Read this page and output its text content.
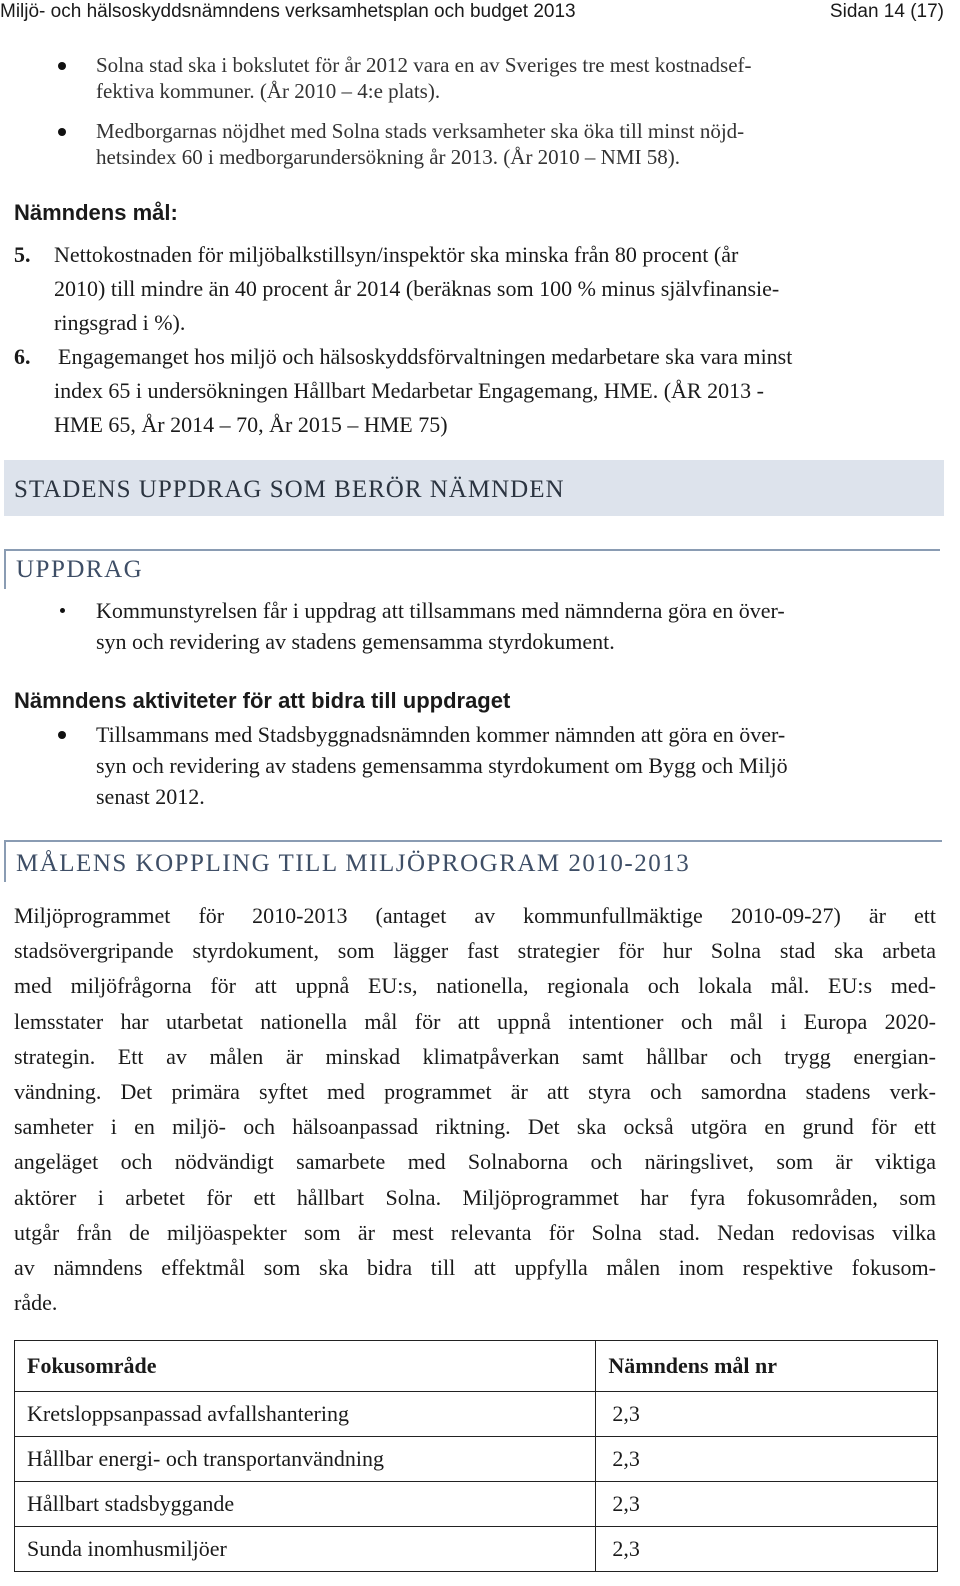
Miljö- och hälsoskyddsnämndens verksamhetsplan och budget 2013	Sidan 14 (17)
Solna stad ska i bokslutet för år 2012 vara en av Sveriges tre mest kostnadsef-
fektiva kommuner. (År 2010 – 4:e plats).
Medborgarnas nöjdhet med Solna stads verksamheter ska öka till minst nöjd-
hetsindex 60 i medborgarundersökning år 2013. (År 2010 – NMI 58).
Nämndens mål:
5. Nettokostnaden för miljöbalkstillsyn/inspektör ska minska från 80 procent (år
2010) till mindre än 40 procent år 2014 (beräknas som 100 % minus självfinansie-
ringsgrad i %).
6.	Engagemanget hos miljö och hälsoskyddsförvaltningen medarbetare ska vara minst
index 65 i undersökningen Hållbart Medarbetar Engagemang, HME. (ÅR 2013 -
HME 65, År 2014 – 70, År 2015 – HME 75)
STADENS UPPDRAG SOM BERÖR NÄMNDEN
UPPDRAG
Kommunstyrelsen får i uppdrag att tillsammans med nämnderna göra en över-
syn och revidering av stadens gemensamma styrdokument.
Nämndens aktiviteter för att bidra till uppdraget
Tillsammans med Stadsbyggnadsnämnden kommer nämnden att göra en över-
syn och revidering av stadens gemensamma styrdokument om Bygg och Miljö
senast 2012.
MÅLENS KOPPLING TILL MILJÖPROGRAM 2010-2013
Miljöprogrammet för 2010-2013 (antaget av kommunfullmäktige 2010-09-27) är ett
stadsövergripande styrdokument, som lägger fast strategier för hur Solna stad ska arbeta
med miljöfrågorna för att uppnå EU:s, nationella, regionala och lokala mål. EU:s med-
lemsstater har utarbetat nationella mål för att uppnå intentioner och mål i Europa 2020-
strategin. Ett av målen är minskad klimatpåverkan samt hållbar och trygg energian-
vändning. Det primära syftet med programmet är att styra och samordna stadens verk-
samheter i en miljö- och hälsoanpassad riktning. Det ska också utgöra en grund för ett
angeläget och nödvändigt samarbete med Solnaborna och näringslivet, som är viktiga
aktörer i arbetet för ett hållbart Solna. Miljöprogrammet har fyra fokusområden, som
utgår från de miljöaspekter som är mest relevanta för Solna stad. Nedan redovisas vilka
av nämndens effektmål som ska bidra till att uppfylla målen inom respektive fokusom-
råde.
Fokusområde	Nämndens mål nr
Kretsloppsanpassad avfallshantering	2,3
Hållbar energi- och transportanvändning	2,3
Hållbart stadsbyggande	2,3
Sunda inomhusmiljöer	2,3
